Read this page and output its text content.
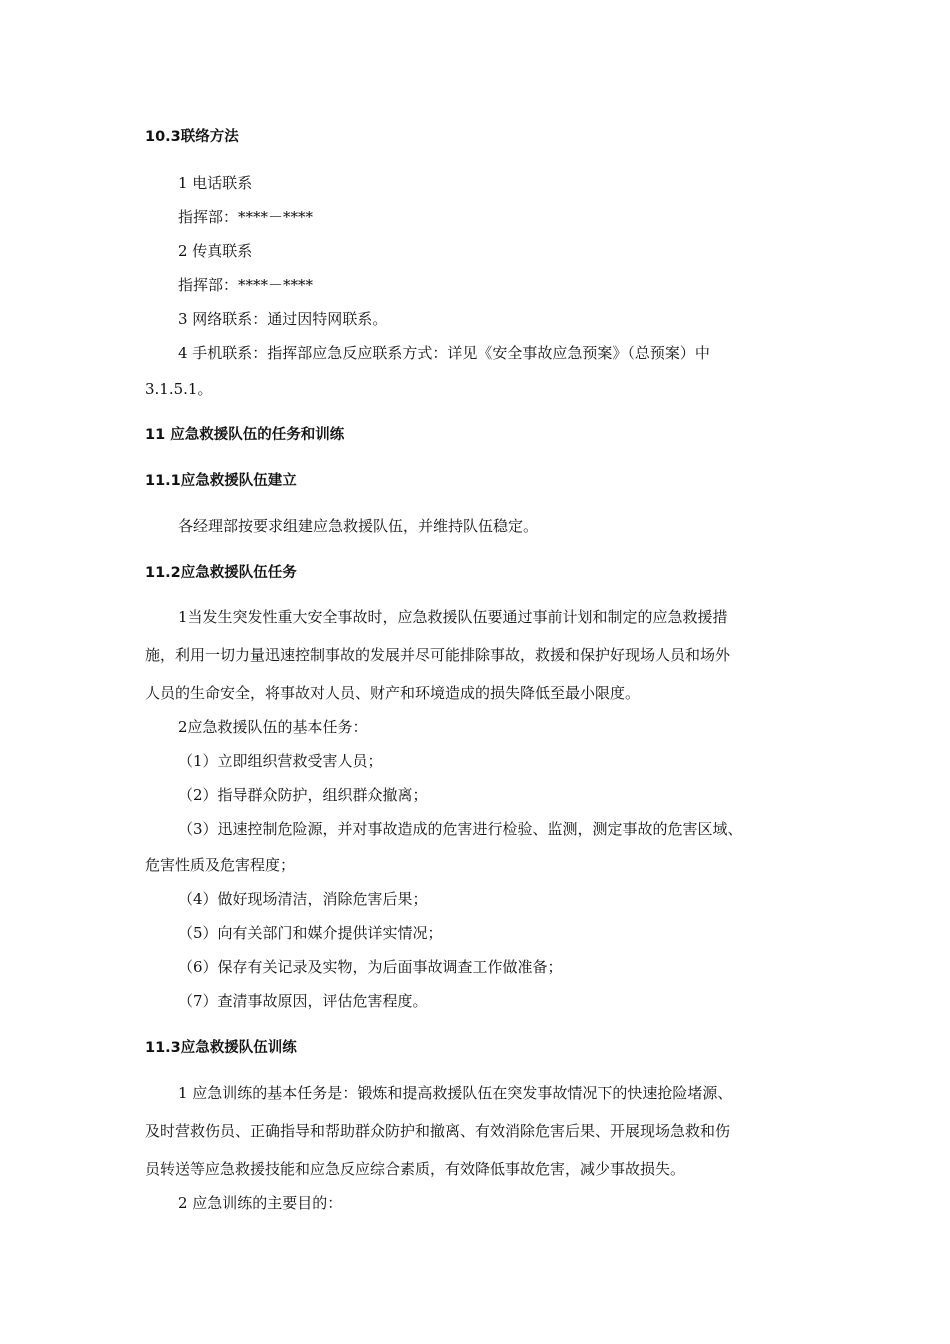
10.3联络方法
1 电话联系
指挥部：****－****
2 传真联系
指挥部：****－****
3 网络联系：通过因特网联系。
4 手机联系：指挥部应急反应联系方式：详见《安全事故应急预案》（总预案）中
3.1.5.1。
11 应急救援队伍的任务和训练
11.1应急救援队伍建立
各经理部按要求组建应急救援队伍，并维持队伍稳定。
11.2应急救援队伍任务
1当发生突发性重大安全事故时，应急救援队伍要通过事前计划和制定的应急救援措
施，利用一切力量迅速控制事故的发展并尽可能排除事故，救援和保护好现场人员和场外
人员的生命安全，将事故对人员、财产和环境造成的损失降低至最小限度。
2应急救援队伍的基本任务：
（1）立即组织营救受害人员；
（2）指导群众防护，组织群众撤离；
（3）迅速控制危险源，并对事故造成的危害进行检验、监测，测定事故的危害区域、
危害性质及危害程度；
（4）做好现场清洁，消除危害后果；
（5）向有关部门和媒介提供详实情况；
（6）保存有关记录及实物，为后面事故调查工作做准备；
（7）查清事故原因，评估危害程度。
11.3应急救援队伍训练
1 应急训练的基本任务是：锻炼和提高救援队伍在突发事故情况下的快速抢险堵源、
及时营救伤员、正确指导和帮助群众防护和撤离、有效消除危害后果、开展现场急救和伤
员转送等应急救援技能和应急反应综合素质，有效降低事故危害，减少事故损失。
2 应急训练的主要目的：
